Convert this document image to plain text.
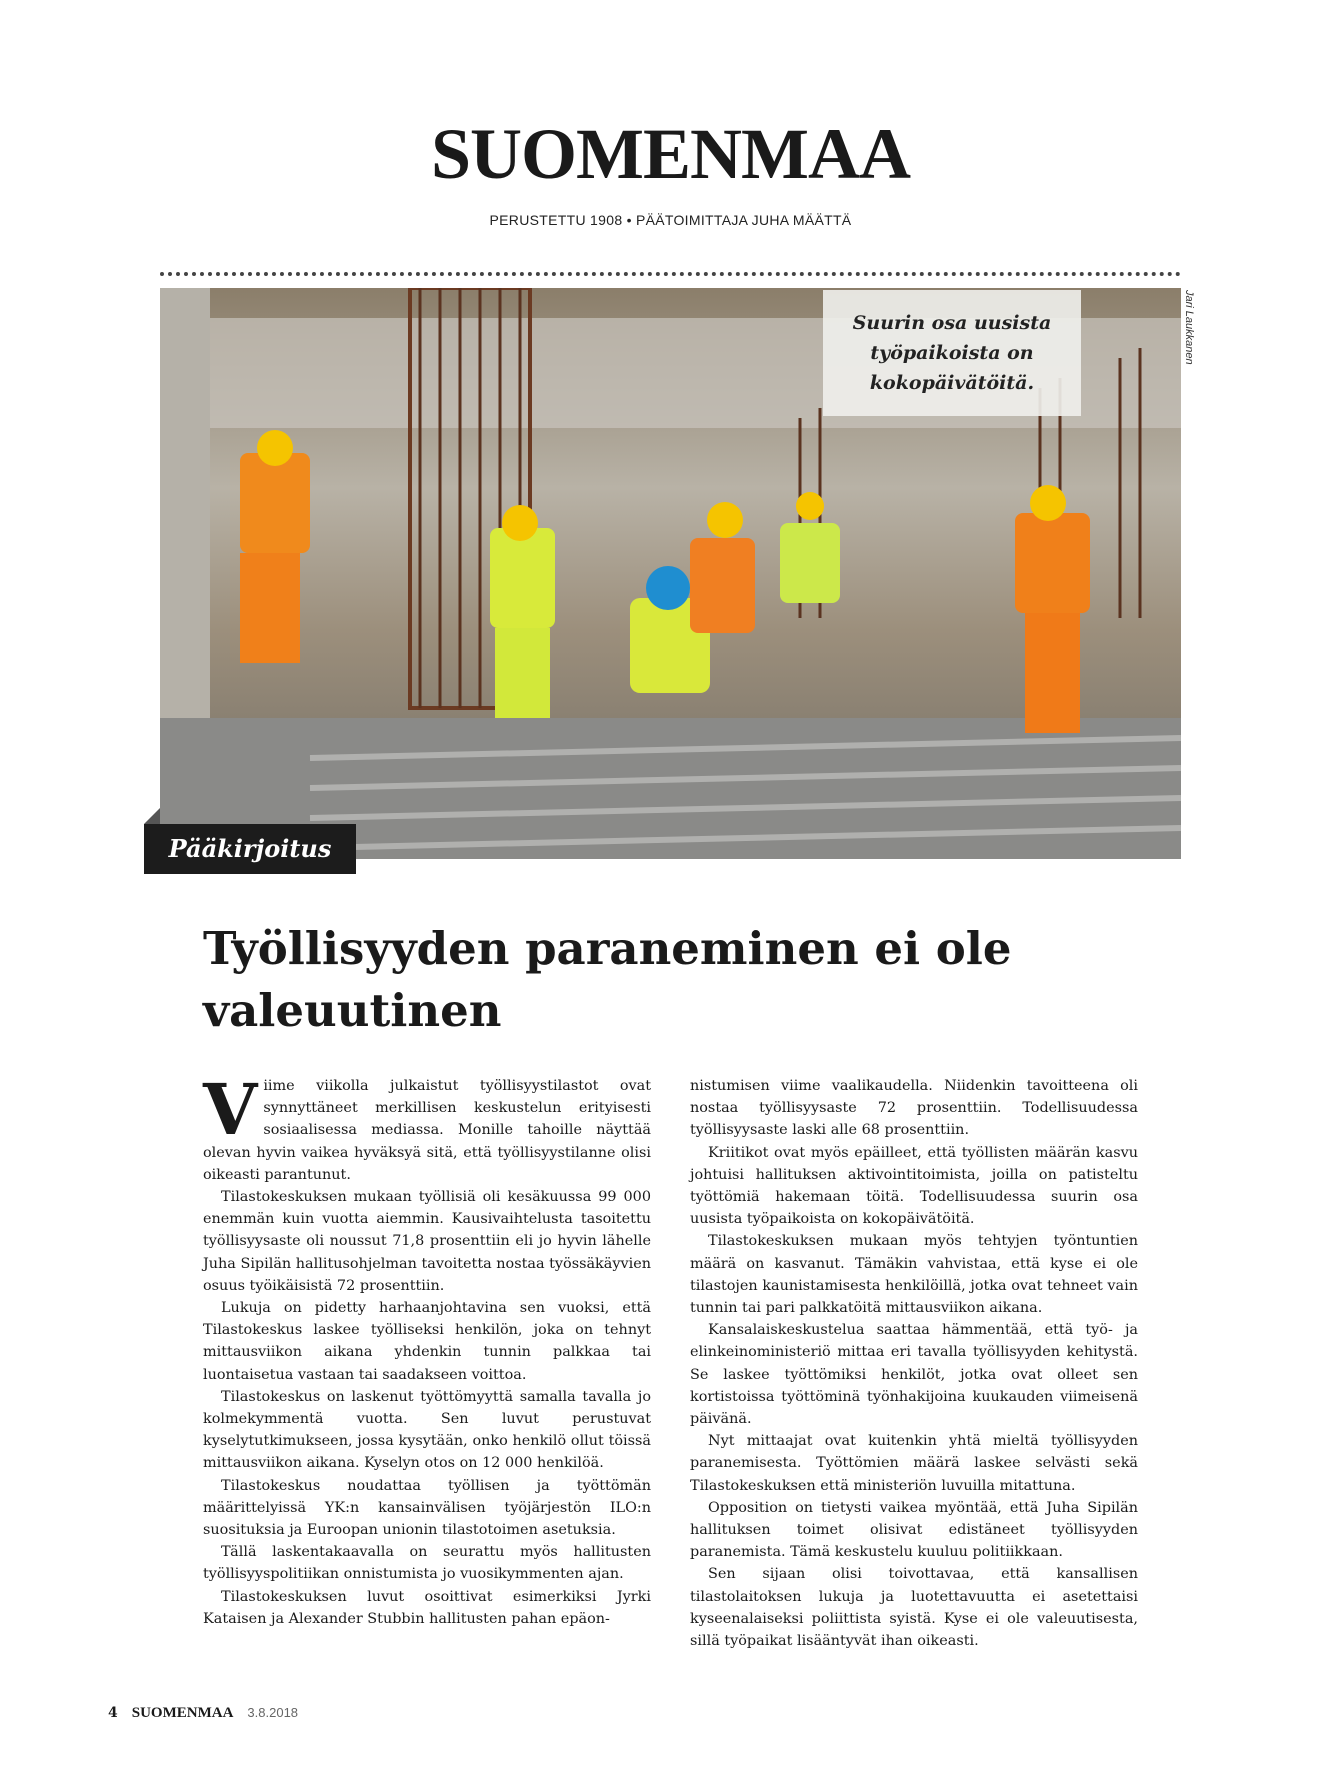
SUOMENMAA
PERUSTETTU 1908 • PÄÄTOIMITTAJA JUHA MÄÄTTÄ
Jari Laukkanen
Suurin osa uusista työpaikoista on kokopäivätöitä.
Pääkirjoitus
Työllisyyden paraneminen ei ole valeuutinen

Viime viikolla julkaistut työllisyystilastot ovat synnyttäneet merkillisen keskustelun erityisesti sosiaalisessa mediassa. Monille tahoille näyttää olevan hyvin vaikea hyväksyä sitä, että työllisyystilanne olisi oikeasti parantunut.

Tilastokeskuksen mukaan työllisiä oli kesäkuussa 99 000 enemmän kuin vuotta aiemmin. Kausivaihtelusta tasoitettu työllisyysaste oli noussut 71,8 prosenttiin eli jo hyvin lähelle Juha Sipilän hallitusohjelman tavoitetta nostaa työssäkäyvien osuus työikäisistä 72 prosenttiin.

Lukuja on pidetty harhaanjohtavina sen vuoksi, että Tilastokeskus laskee työlliseksi henkilön, joka on tehnyt mittausviikon aikana yhdenkin tunnin palkkaa tai luontaisetua vastaan tai saadakseen voittoa.

Tilastokeskus on laskenut työttömyyttä samalla tavalla jo kolmekymmentä vuotta. Sen luvut perustuvat kyselytutkimukseen, jossa kysytään, onko henkilö ollut töissä mittausviikon aikana. Kyselyn otos on 12 000 henkilöä.

Tilastokeskus noudattaa työllisen ja työttömän määrittelyissä YK:n kansainvälisen työjärjestön ILO:n suosituksia ja Euroopan unionin tilastotoimen asetuksia.

Tällä laskentakaavalla on seurattu myös hallitusten työllisyyspolitiikan onnistumista jo vuosikymmenten ajan.

Tilastokeskuksen luvut osoittivat esimerkiksi Jyrki Kataisen ja Alexander Stubbin hallitusten pahan epäon-

nistumisen viime vaalikaudella. Niidenkin tavoitteena oli nostaa työllisyysaste 72 prosenttiin. Todellisuudessa työllisyysaste laski alle 68 prosenttiin.

Kriitikot ovat myös epäilleet, että työllisten määrän kasvu johtuisi hallituksen aktivointitoimista, joilla on patisteltu työttömiä hakemaan töitä. Todellisuudessa suurin osa uusista työpaikoista on kokopäivätöitä.

Tilastokeskuksen mukaan myös tehtyjen työntuntien määrä on kasvanut. Tämäkin vahvistaa, että kyse ei ole tilastojen kaunistamisesta henkilöillä, jotka ovat tehneet vain tunnin tai pari palkkatöitä mittausviikon aikana.

Kansalaiskeskustelua saattaa hämmentää, että työ- ja elinkeinoministeriö mittaa eri tavalla työllisyyden kehitystä. Se laskee työttömiksi henkilöt, jotka ovat olleet sen kortistoissa työttöminä työnhakijoina kuukauden viimeisenä päivänä.

Nyt mittaajat ovat kuitenkin yhtä mieltä työllisyyden paranemisesta. Työttömien määrä laskee selvästi sekä Tilastokeskuksen että ministeriön luvuilla mitattuna.

Opposition on tietysti vaikea myöntää, että Juha Sipilän hallituksen toimet olisivat edistäneet työllisyyden paranemista. Tämä keskustelu kuuluu politiikkaan.

Sen sijaan olisi toivottavaa, että kansallisen tilastolaitoksen lukuja ja luotettavuutta ei asetettaisi kyseenalaiseksi poliittista syistä. Kyse ei ole valeuutisesta, sillä työpaikat lisääntyvät ihan oikeasti.

4 SUOMENMAA 3.8.2018
